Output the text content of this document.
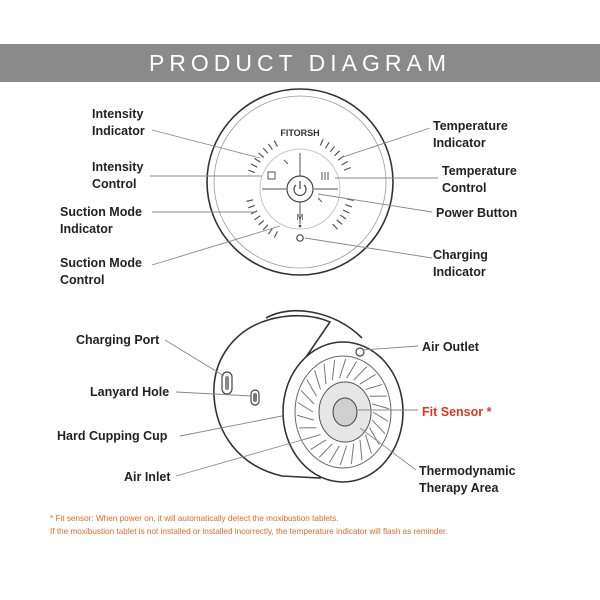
PRODUCT DIAGRAM
FITORSH
M
Intensity
Indicator
Intensity
Control
Suction Mode
Indicator
Suction Mode
Control
Temperature
Indicator
Temperature
Control
Power Button
Charging
Indicator
Charging Port
Lanyard Hole
Hard Cupping Cup
Air Inlet
Air Outlet
Fit Sensor *
Thermodynamic
Therapy Area
* Fit sensor: When power on, it will automatically detect the moxibustion tablets.
If the moxibustion tablet is not installed or installed incorrectly, the temperature indicator will flash as reminder.
